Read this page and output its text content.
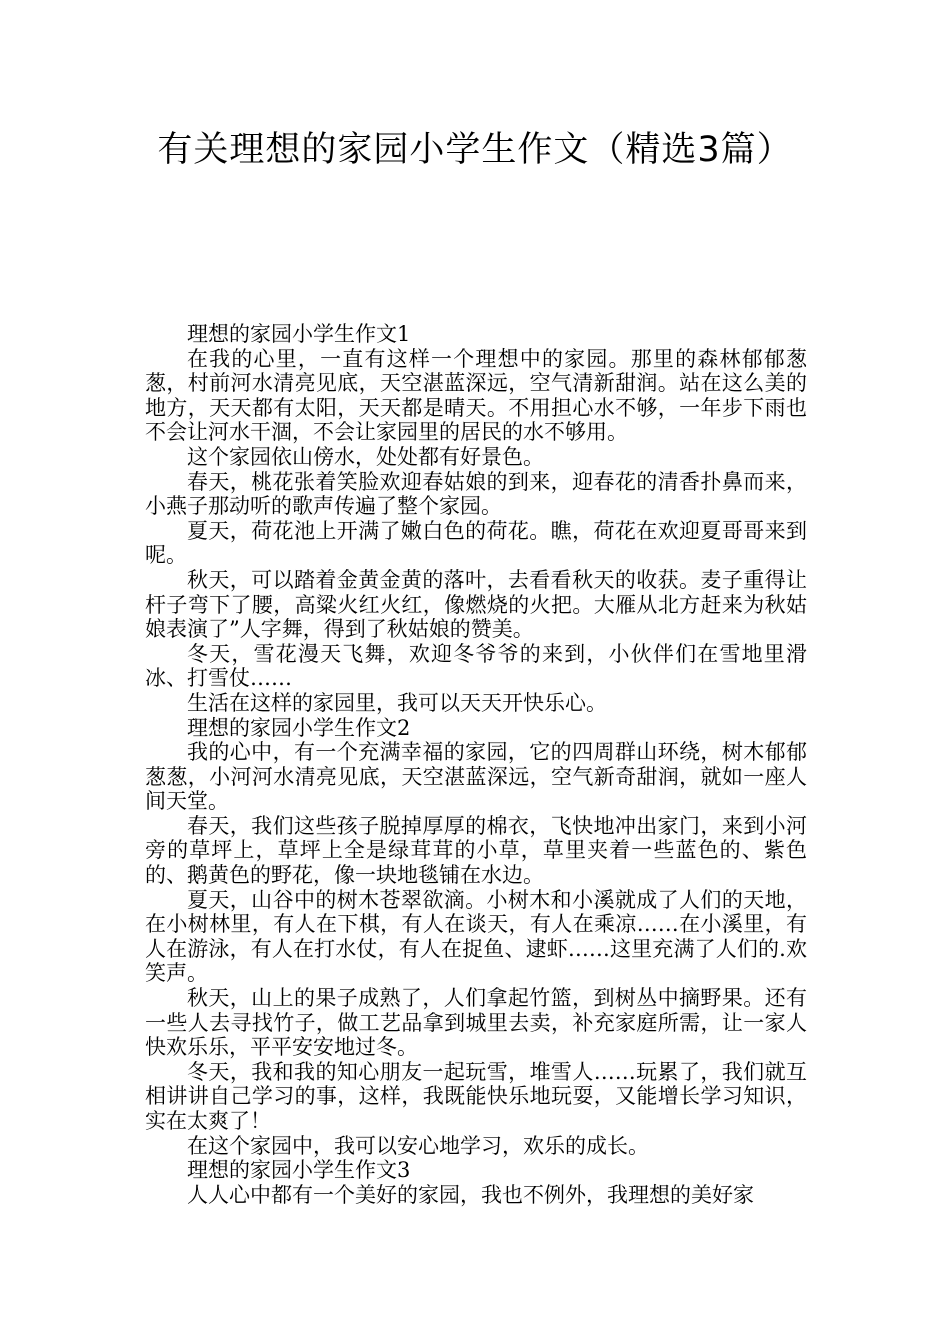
有关理想的家园小学生作文（精选3篇）

理想的家园小学生作文1

在我的心里，一直有这样一个理想中的家园。那里的森林郁郁葱葱，村前河水清亮见底，天空湛蓝深远，空气清新甜润。站在这么美的地方，天天都有太阳，天天都是晴天。不用担心水不够，一年步下雨也不会让河水干涸，不会让家园里的居民的水不够用。

这个家园依山傍水，处处都有好景色。

春天，桃花张着笑脸欢迎春姑娘的到来，迎春花的清香扑鼻而来，小燕子那动听的歌声传遍了整个家园。

夏天，荷花池上开满了嫩白色的荷花。瞧，荷花在欢迎夏哥哥来到呢。

秋天，可以踏着金黄金黄的落叶，去看看秋天的收获。麦子重得让杆子弯下了腰，高粱火红火红，像燃烧的火把。大雁从北方赶来为秋姑娘表演了”人字舞，得到了秋姑娘的赞美。

冬天，雪花漫天飞舞，欢迎冬爷爷的来到，小伙伴们在雪地里滑冰、打雪仗……

生活在这样的家园里，我可以天天开快乐心。

理想的家园小学生作文2

我的心中，有一个充满幸福的家园，它的四周群山环绕，树木郁郁葱葱，小河河水清亮见底，天空湛蓝深远，空气新奇甜润，就如一座人间天堂。

春天，我们这些孩子脱掉厚厚的棉衣，飞快地冲出家门，来到小河旁的草坪上，草坪上全是绿茸茸的小草，草里夹着一些蓝色的、紫色的、鹅黄色的野花，像一块地毯铺在水边。

夏天，山谷中的树木苍翠欲滴。小树木和小溪就成了人们的天地，在小树林里，有人在下棋，有人在谈天，有人在乘凉……在小溪里，有人在游泳，有人在打水仗，有人在捉鱼、逮虾……这里充满了人们的.欢笑声。

秋天，山上的果子成熟了，人们拿起竹篮，到树丛中摘野果。还有一些人去寻找竹子，做工艺品拿到城里去卖，补充家庭所需，让一家人快欢乐乐，平平安安地过冬。

冬天，我和我的知心朋友一起玩雪，堆雪人……玩累了，我们就互相讲讲自己学习的事，这样，我既能快乐地玩耍，又能增长学习知识，实在太爽了！

在这个家园中，我可以安心地学习，欢乐的成长。

理想的家园小学生作文3

人人心中都有一个美好的家园，我也不例外，我理想的美好家
